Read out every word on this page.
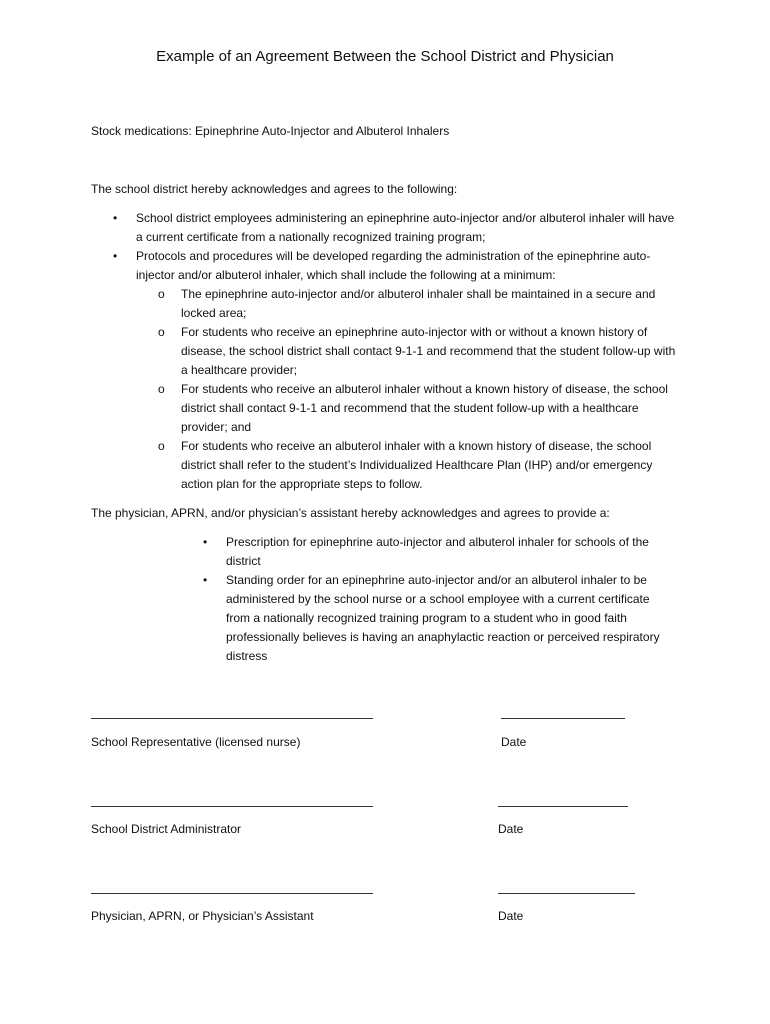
Example of an Agreement Between the School District and Physician
Stock medications: Epinephrine Auto-Injector and Albuterol Inhalers
The school district hereby acknowledges and agrees to the following:
• School district employees administering an epinephrine auto-injector and/or albuterol inhaler will have a current certificate from a nationally recognized training program;
• Protocols and procedures will be developed regarding the administration of the epinephrine auto-injector and/or albuterol inhaler, which shall include the following at a minimum:
o The epinephrine auto-injector and/or albuterol inhaler shall be maintained in a secure and locked area;
o For students who receive an epinephrine auto-injector with or without a known history of disease, the school district shall contact 9-1-1 and recommend that the student follow-up with a healthcare provider;
o For students who receive an albuterol inhaler without a known history of disease, the school district shall contact 9-1-1 and recommend that the student follow-up with a healthcare provider; and
o For students who receive an albuterol inhaler with a known history of disease, the school district shall refer to the student’s Individualized Healthcare Plan (IHP) and/or emergency action plan for the appropriate steps to follow.
The physician, APRN, and/or physician’s assistant hereby acknowledges and agrees to provide a:
• Prescription for epinephrine auto-injector and albuterol inhaler for schools of the district
• Standing order for an epinephrine auto-injector and/or an albuterol inhaler to be administered by the school nurse or a school employee with a current certificate from a nationally recognized training program to a student who in good faith professionally believes is having an anaphylactic reaction or perceived respiratory distress
School Representative (licensed nurse)	Date
School District Administrator	Date
Physician, APRN, or Physician’s Assistant	Date
